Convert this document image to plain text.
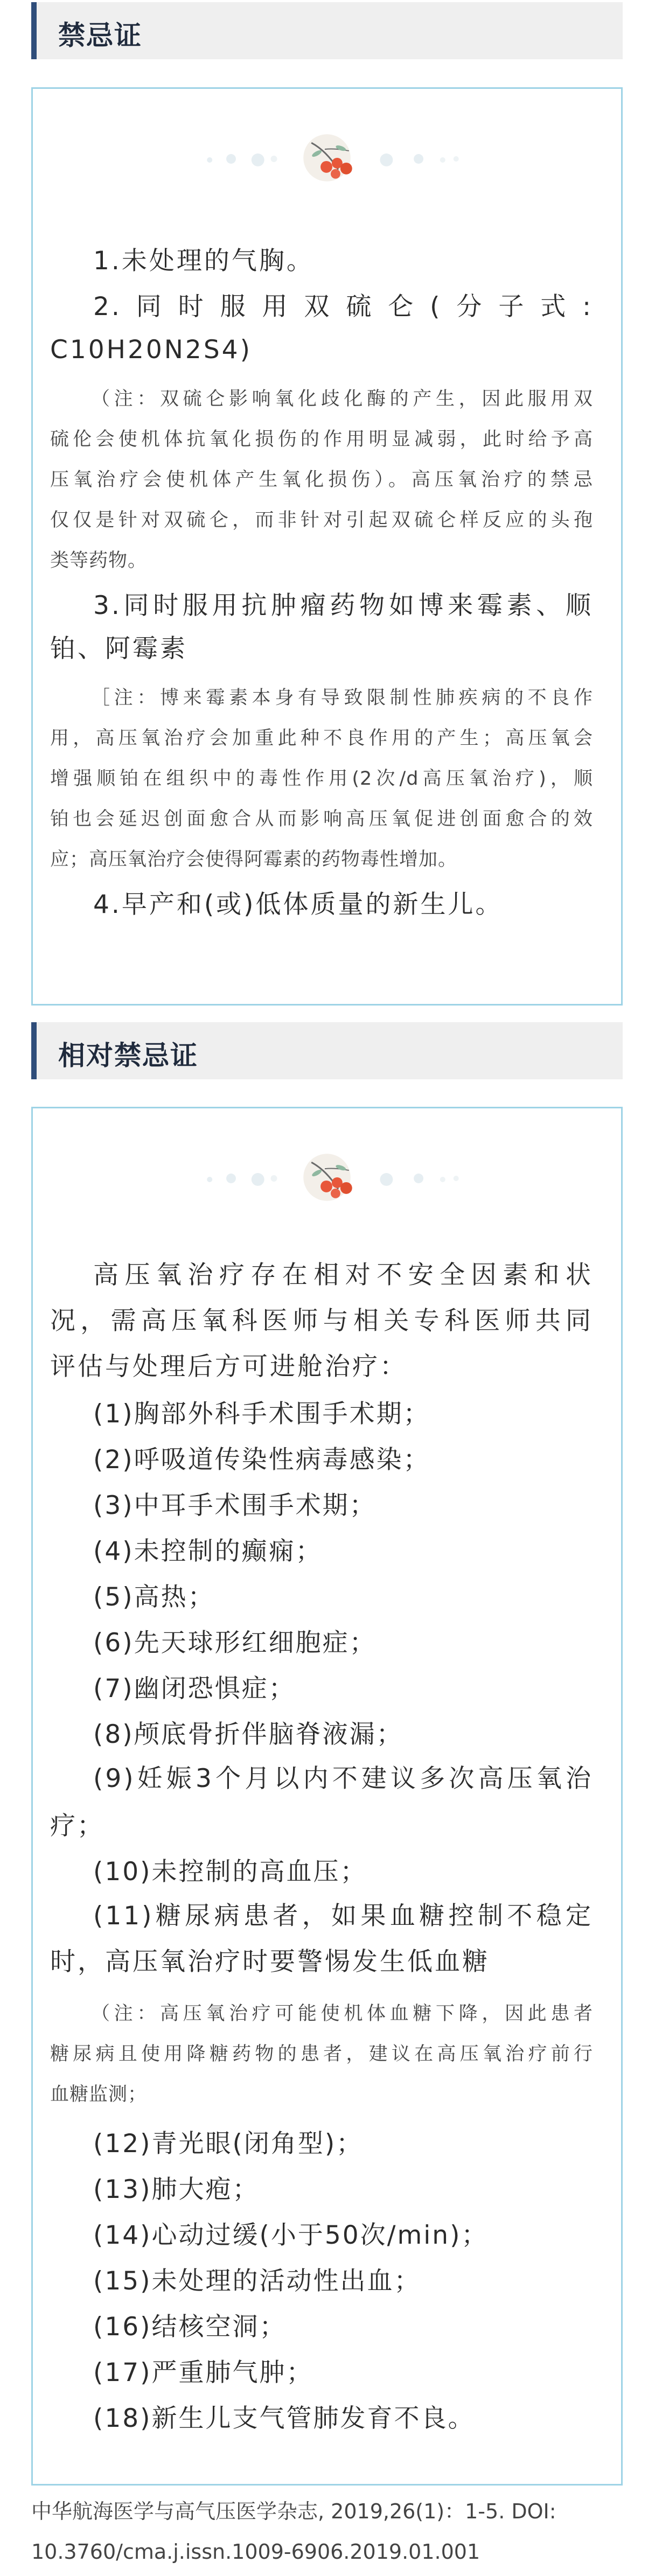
禁忌证

1.未处理的气胸。

2.同时服用双硫仑(分子式:

C10H20N2S4)

（注：双硫仑影响氧化歧化酶的产生，因此服用双

硫伦会使机体抗氧化损伤的作用明显减弱，此时给予高

压氧治疗会使机体产生氧化损伤）。高压氧治疗的禁忌

仅仅是针对双硫仑，而非针对引起双硫仑样反应的头孢

类等药物。

3.同时服用抗肿瘤药物如博来霉素、顺

铂、阿霉素

［注：博来霉素本身有导致限制性肺疾病的不良作

用，高压氧治疗会加重此种不良作用的产生；高压氧会

增强顺铂在组织中的毒性作用(2次/d高压氧治疗)，顺

铂也会延迟创面愈合从而影响高压氧促进创面愈合的效

应；高压氧治疗会使得阿霉素的药物毒性增加。

4.早产和(或)低体质量的新生儿。

相对禁忌证

高压氧治疗存在相对不安全因素和状

况，需高压氧科医师与相关专科医师共同

评估与处理后方可进舱治疗：

(1)胸部外科手术围手术期；

(2)呼吸道传染性病毒感染；

(3)中耳手术围手术期；

(4)未控制的癫痫；

(5)高热；

(6)先天球形红细胞症；

(7)幽闭恐惧症；

(8)颅底骨折伴脑脊液漏；

(9)妊娠3个月以内不建议多次高压氧治

疗；

(10)未控制的高血压；

(11)糖尿病患者，如果血糖控制不稳定

时，高压氧治疗时要警惕发生低血糖

（注：高压氧治疗可能使机体血糖下降，因此患者

糖尿病且使用降糖药物的患者，建议在高压氧治疗前行

血糖监测；

(12)青光眼(闭角型)；

(13)肺大疱；

(14)心动过缓(小于50次/min)；

(15)未处理的活动性出血；

(16)结核空洞；

(17)严重肺气肿；

(18)新生儿支气管肺发育不良。

中华航海医学与高气压医学杂志, 2019,26(1)：1-5. DOI:

10.3760/cma.j.issn.1009-6906.2019.01.001
